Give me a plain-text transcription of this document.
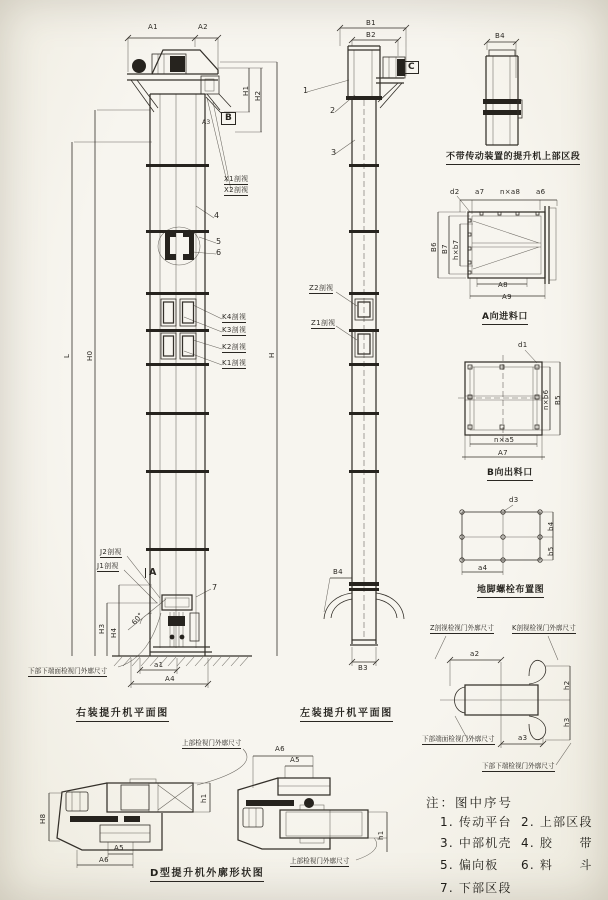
A1	A2
H1 H2
A3	B
X1剖视
X2剖视
4
5
6
K4剖视
K3剖视
K2剖视
K1剖视
L H0	H
J2剖视
J1剖视
A
60°
H3 H4
7
a1
A4
下部下端面检视门外廓尺寸
右装提升机平面图
B1
B2
C
1
2
3
Z2剖视
Z1剖视
B4
B3
左装提升机平面图
B4
不带传动装置的提升机上部区段
d2 a7 n×a8 a6
B6 B7 h×b7
A8
A9
A向进料口
d1
n×b6 B5
n×a5
A7
B向出料口
d3
b4
b5
a4
地脚螺栓布置图
Z剖视检视门外廓尺寸	K剖视检视门外廓尺寸
a2
h2
h3
下部端面检视门外廓尺寸	a3
下部下端检视门外廓尺寸
上部检视门外廓尺寸
h1
H8
A5
A6
A6
A5
h1
上部检视门外廓尺寸
D型提升机外廓形状图
注：图中序号
1. 传动平台 2. 上部区段
3. 中部机壳 4. 胶　　带
5. 偏向板 6. 料　　斗
7. 下部区段
